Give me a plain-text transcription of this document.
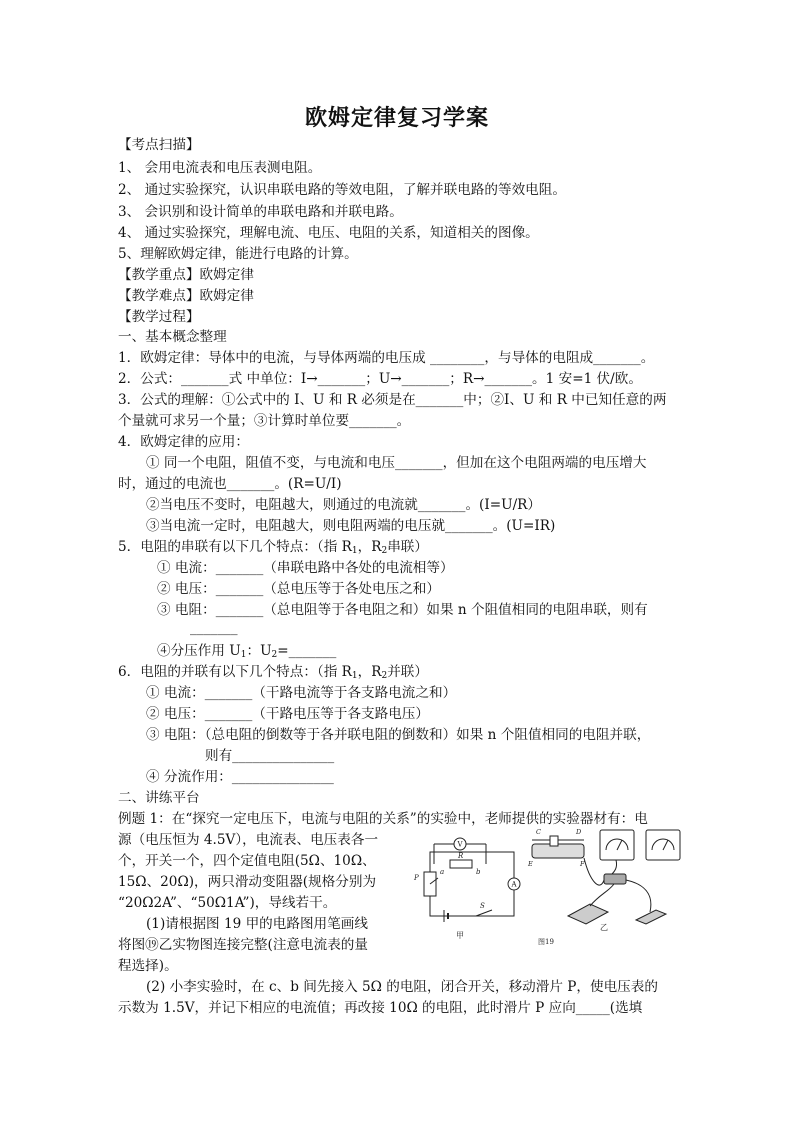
欧姆定律复习学案
【考点扫描】
1、 会用电流表和电压表测电阻。
2、 通过实验探究，认识串联电路的等效电阻，了解并联电路的等效电阻。
3、 会识别和设计简单的串联电路和并联电路。
4、 通过实验探究，理解电流、电压、电阻的关系，知道相关的图像。
5、理解欧姆定律，能进行电路的计算。
【教学重点】欧姆定律
【教学难点】欧姆定律
【教学过程】
一、基本概念整理
1．欧姆定律：导体中的电流，与导体两端的电压成 ________，与导体的电阻成_______。
2．公式：_______式 中单位：I→_______；U→_______；R→_______。1 安=1 伏/欧。
3．公式的理解：①公式中的 I、U 和 R 必须是在_______中；②I、U 和 R 中已知任意的两
个量就可求另一个量；③计算时单位要_______。
4．欧姆定律的应用：
① 同一个电阻，阻值不变，与电流和电压_______，但加在这个电阻两端的电压增大
时，通过的电流也_______。(R=U/I)
②当电压不变时，电阻越大，则通过的电流就_______。(I=U/R）
③当电流一定时，电阻越大，则电阻两端的电压就_______。(U=IR)
5．电阻的串联有以下几个特点：（指 $R_1$，$R_2$串联）
① 电流：_______（串联电路中各处的电流相等）
② 电压：_______（总电压等于各处电压之和）
③ 电阻：_______（总电阻等于各电阻之和）如果 n 个阻值相同的电阻串联，则有
_______
④分压作用 $U_1$：$U_2=\_\_\_\_\_\_\_$
6．电阻的并联有以下几个特点：（指 $R_1$，$R_2$并联）
① 电流：_______（干路电流等于各支路电流之和）
② 电压：_______（干路电压等于各支路电压）
③ 电阻：（总电阻的倒数等于各并联电阻的倒数和）如果 n 个阻值相同的电阻并联，
则有_______________
④ 分流作用：_______________
二、讲练平台
例题 1：在“探究一定电压下，电流与电阻的关系”的实验中，老师提供的实验器材有：电
源（电压恒为 4.5V），电流表、电压表各一
个，开关一个，四个定值电阻(5Ω、10Ω、
15Ω、20Ω)，两只滑动变阻器(规格分别为
“20Ω2A”、“50Ω1A”)，导线若干。
(1)请根据图 19 甲的电路图用笔画线
将图⑲乙实物图连接完整(注意电流表的量
程选择)。
(2) 小李实验时，在 c、b 间先接入 5Ω 的电阻，闭合开关，移动滑片 P，使电压表的
示数为 1.5V，并记下相应的电流值；再改接 10Ω 的电阻，此时滑片 P 应向_____(选填
V
A
R
P
a	b
S
甲
C	D
E	F
乙
图19
